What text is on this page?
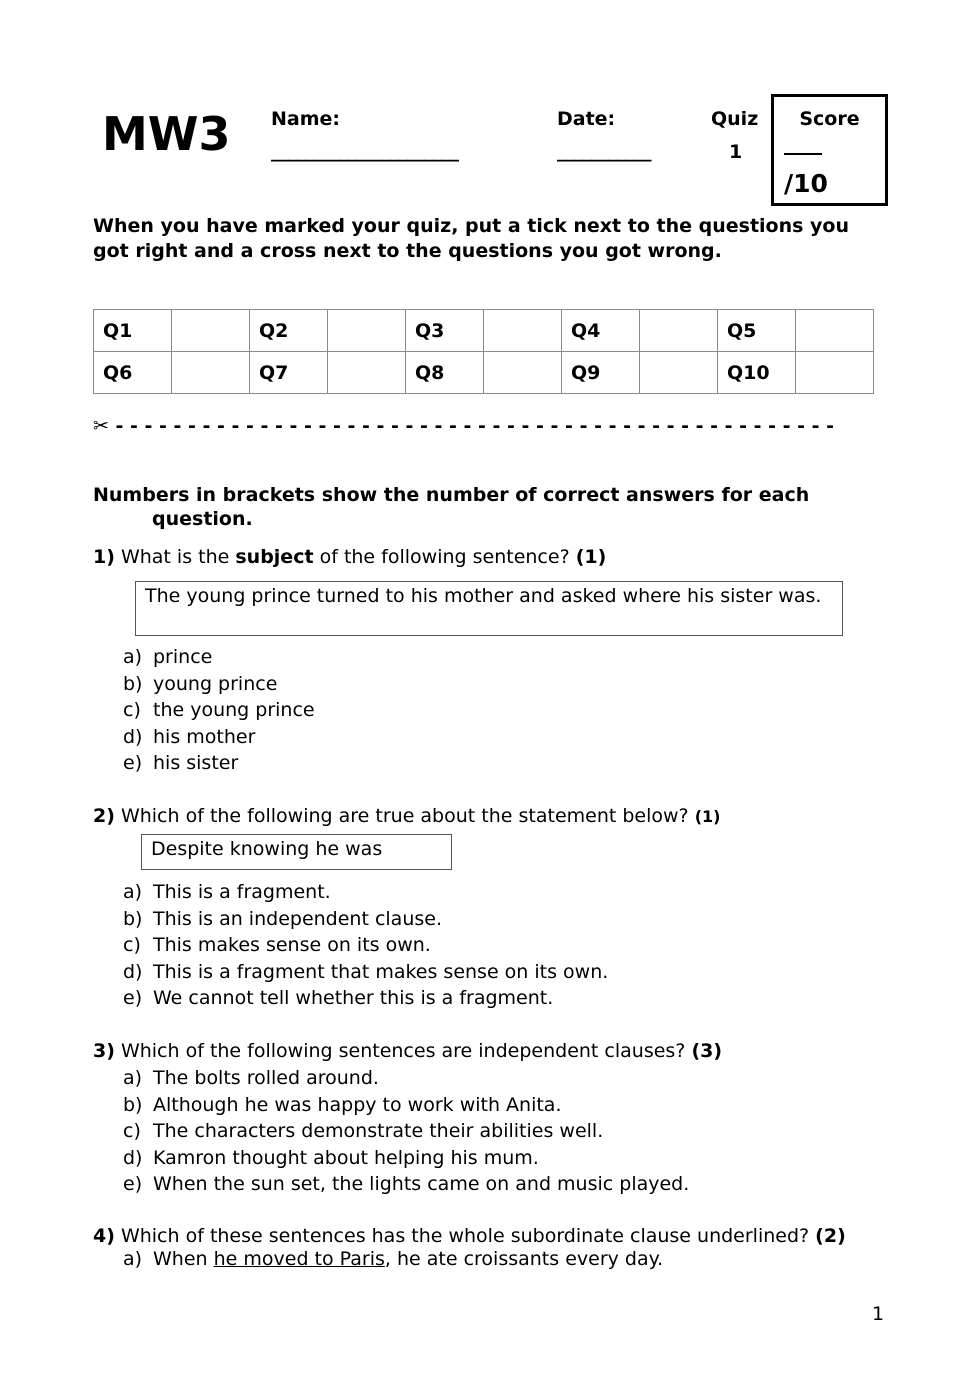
MW3 Name:
______________________
Date:
___________
Quiz
1
Score
/10
When you have marked your quiz, put a tick next to the questions you got right and a cross next to the questions you got wrong.
Q1		Q2		Q3		Q4		Q5	
Q6		Q7		Q8		Q9		Q10	
✂ - - - - - - - - - - - - - - - - - - - - - - - - - - - - - - - - - - - - - - - - - - - - - - - - - -
Numbers in brackets show the number of correct answers for each question.
1) What is the subject of the following sentence? (1)
The young prince turned to his mother and asked where his sister was.
a) prince
b) young prince
c) the young prince
d) his mother
e) his sister
2) Which of the following are true about the statement below? (1)
Despite knowing he was
a) This is a fragment.
b) This is an independent clause.
c) This makes sense on its own.
d) This is a fragment that makes sense on its own.
e) We cannot tell whether this is a fragment.
3) Which of the following sentences are independent clauses? (3)
a) The bolts rolled around.
b) Although he was happy to work with Anita.
c) The characters demonstrate their abilities well.
d) Kamron thought about helping his mum.
e) When the sun set, the lights came on and music played.
4) Which of these sentences has the whole subordinate clause underlined? (2)
a) When he moved to Paris, he ate croissants every day.
1
